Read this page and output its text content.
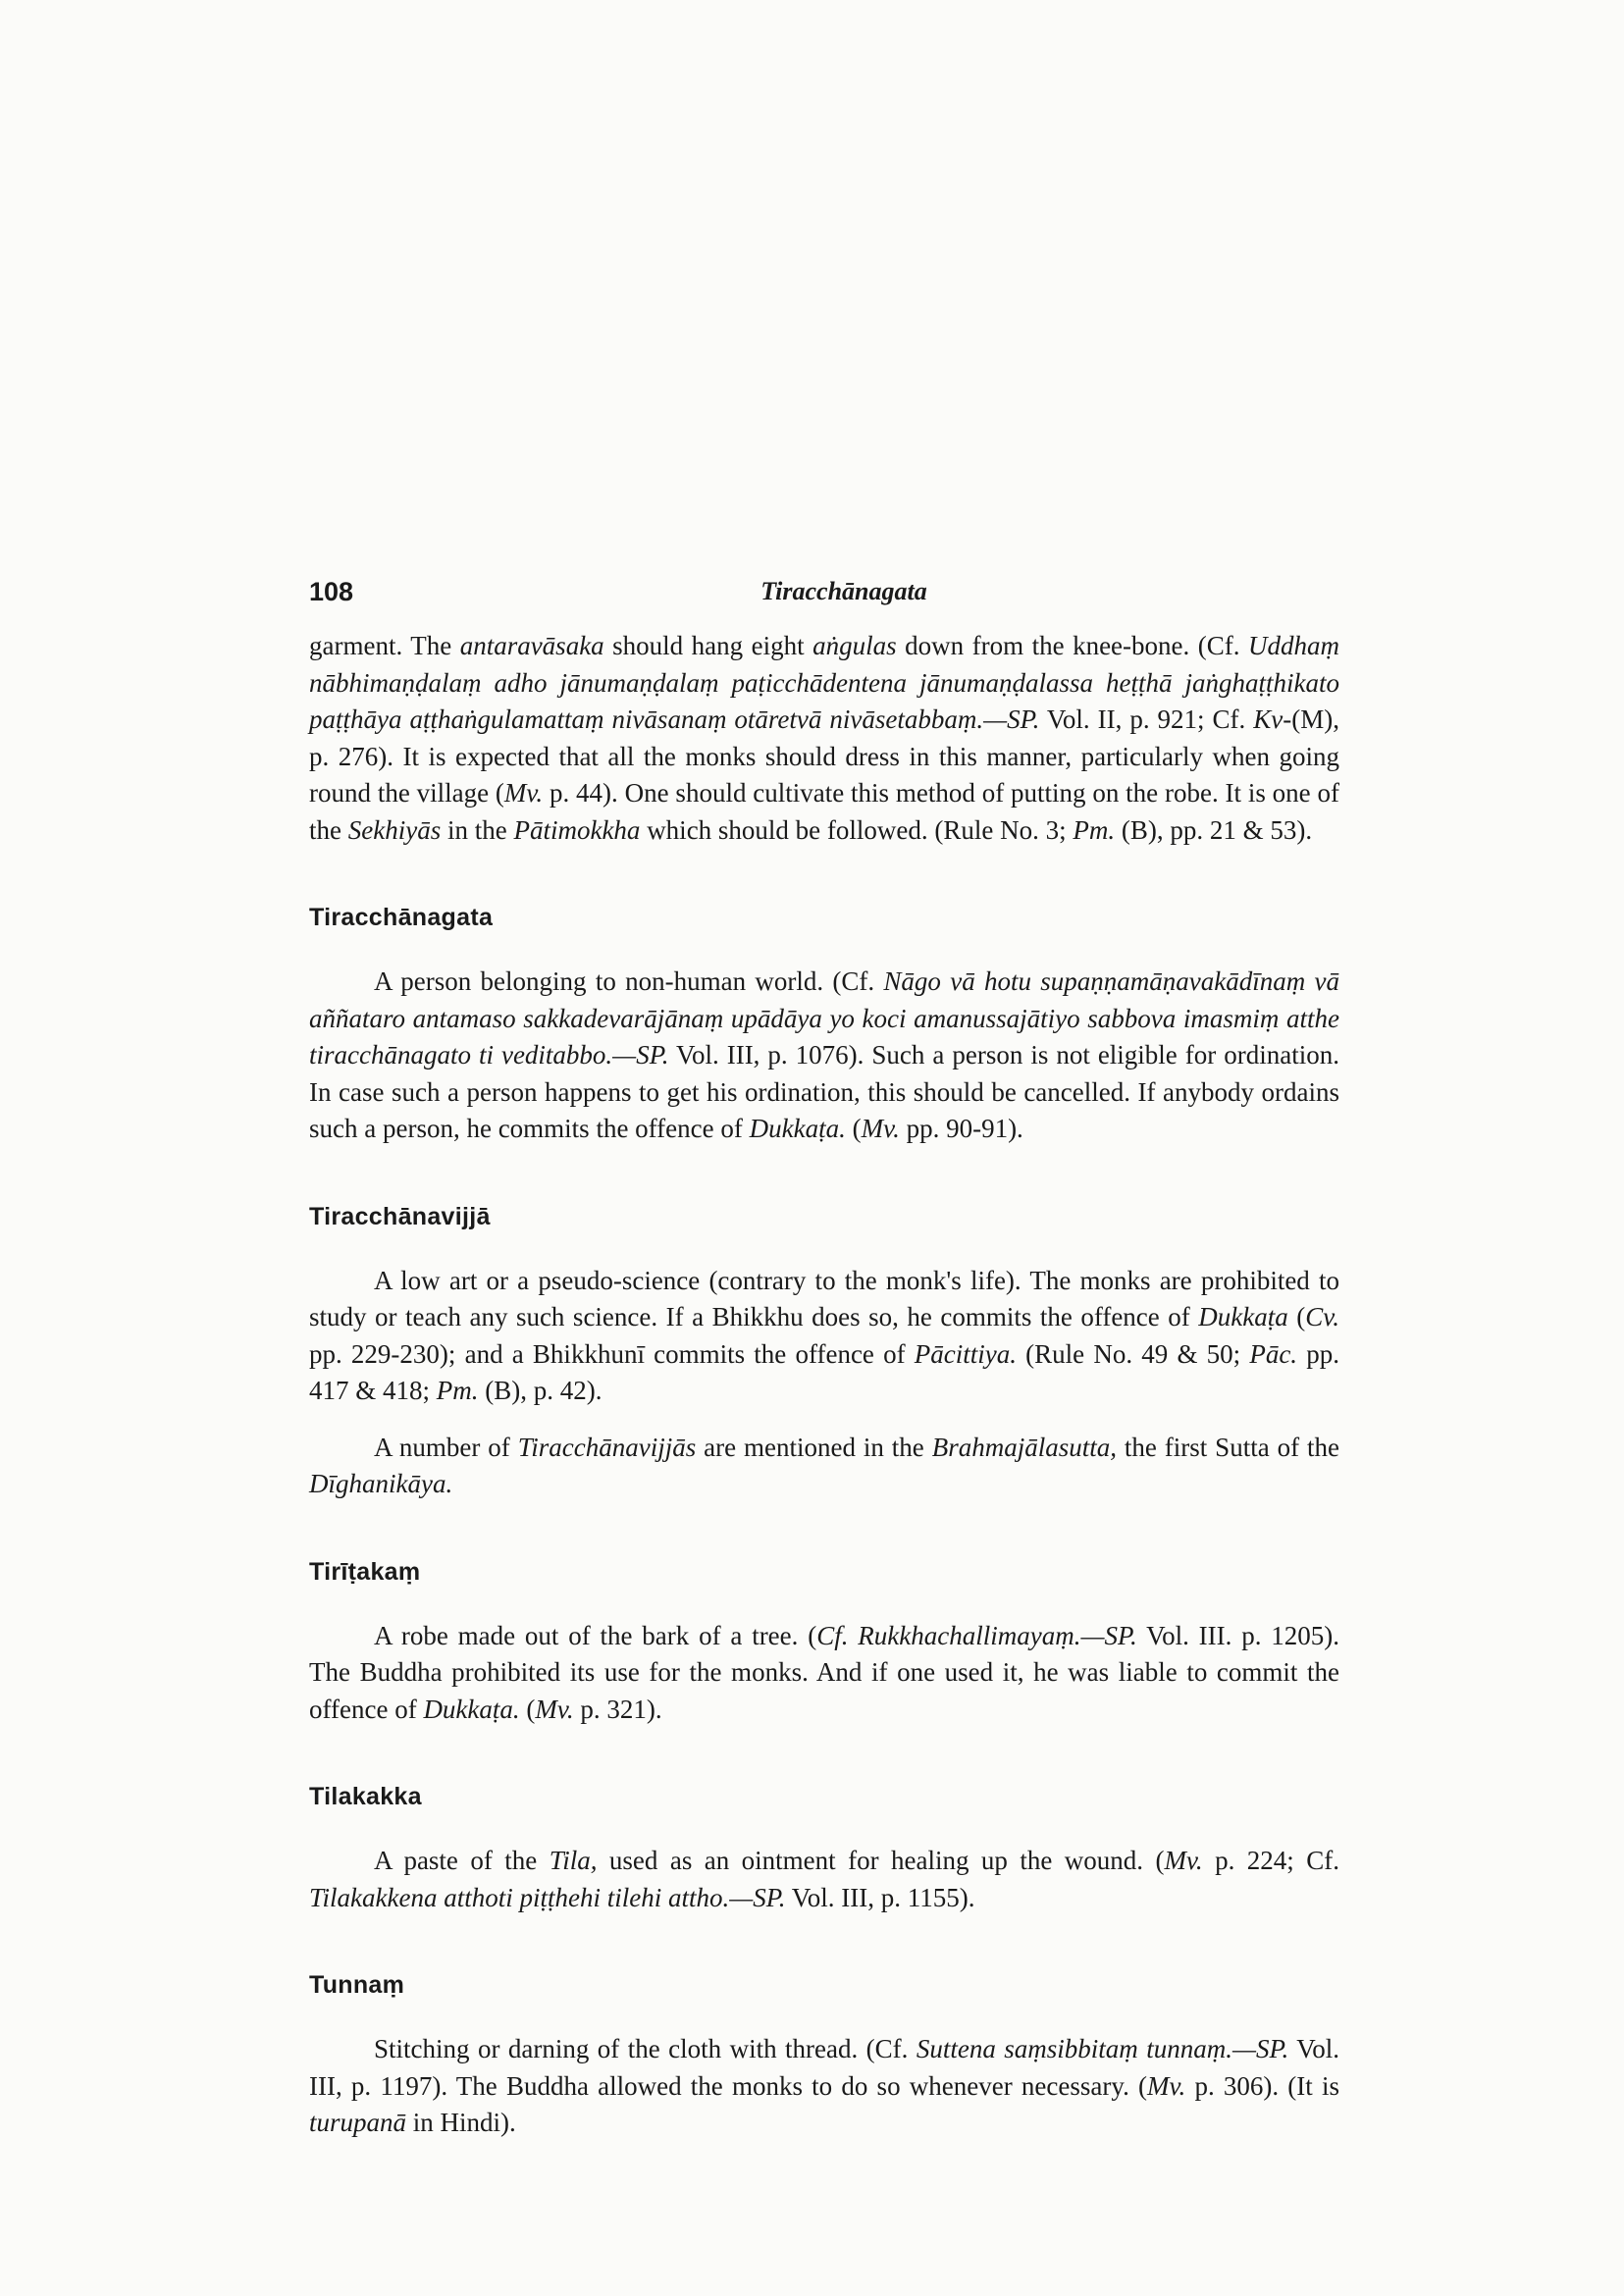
108	Tiracchānagata

garment. The antaravāsaka should hang eight aṅgulas down from the knee-bone. (Cf. Uddhaṃ nābhimaṇḍalaṃ adho jānumaṇḍalaṃ paṭicchādentena jānumaṇḍalassa heṭṭhā jaṅghaṭṭhikato paṭṭhāya aṭṭhaṅgulamattaṃ nivāsanaṃ otāretvā nivāsetabbaṃ.—SP. Vol. II, p. 921; Cf. Kv-(M), p. 276). It is expected that all the monks should dress in this manner, particularly when going round the village (Mv. p. 44). One should cultivate this method of putting on the robe. It is one of the Sekhiyās in the Pātimokkha which should be followed. (Rule No. 3; Pm. (B), pp. 21 & 53).

Tiracchānagata

A person belonging to non-human world. (Cf. Nāgo vā hotu supaṇṇamāṇavakādīnaṃ vā aññataro antamaso sakkadevarājānaṃ upādāya yo koci amanussajātiyo sabbova imasmiṃ atthe tiracchānagato ti veditabbo.—SP. Vol. III, p. 1076). Such a person is not eligible for ordination. In case such a person happens to get his ordination, this should be cancelled. If anybody ordains such a person, he commits the offence of Dukkaṭa. (Mv. pp. 90-91).

Tiracchānavijjā

A low art or a pseudo-science (contrary to the monk's life). The monks are prohibited to study or teach any such science. If a Bhikkhu does so, he commits the offence of Dukkaṭa (Cv. pp. 229-230); and a Bhikkhunī commits the offence of Pācittiya. (Rule No. 49 & 50; Pāc. pp. 417 & 418; Pm. (B), p. 42).

A number of Tiracchānavijjās are mentioned in the Brahmajālasutta, the first Sutta of the Dīghanikāya.

Tirīṭakaṃ

A robe made out of the bark of a tree. (Cf. Rukkhachallimayaṃ.—SP. Vol. III. p. 1205). The Buddha prohibited its use for the monks. And if one used it, he was liable to commit the offence of Dukkaṭa. (Mv. p. 321).

Tilakakka

A paste of the Tila, used as an ointment for healing up the wound. (Mv. p. 224; Cf. Tilakakkena atthoti piṭṭhehi tilehi attho.—SP. Vol. III, p. 1155).

Tunnaṃ

Stitching or darning of the cloth with thread. (Cf. Suttena saṃsibbitaṃ tunnaṃ.—SP. Vol. III, p. 1197). The Buddha allowed the monks to do so whenever necessary. (Mv. p. 306). (It is turupanā in Hindi).
